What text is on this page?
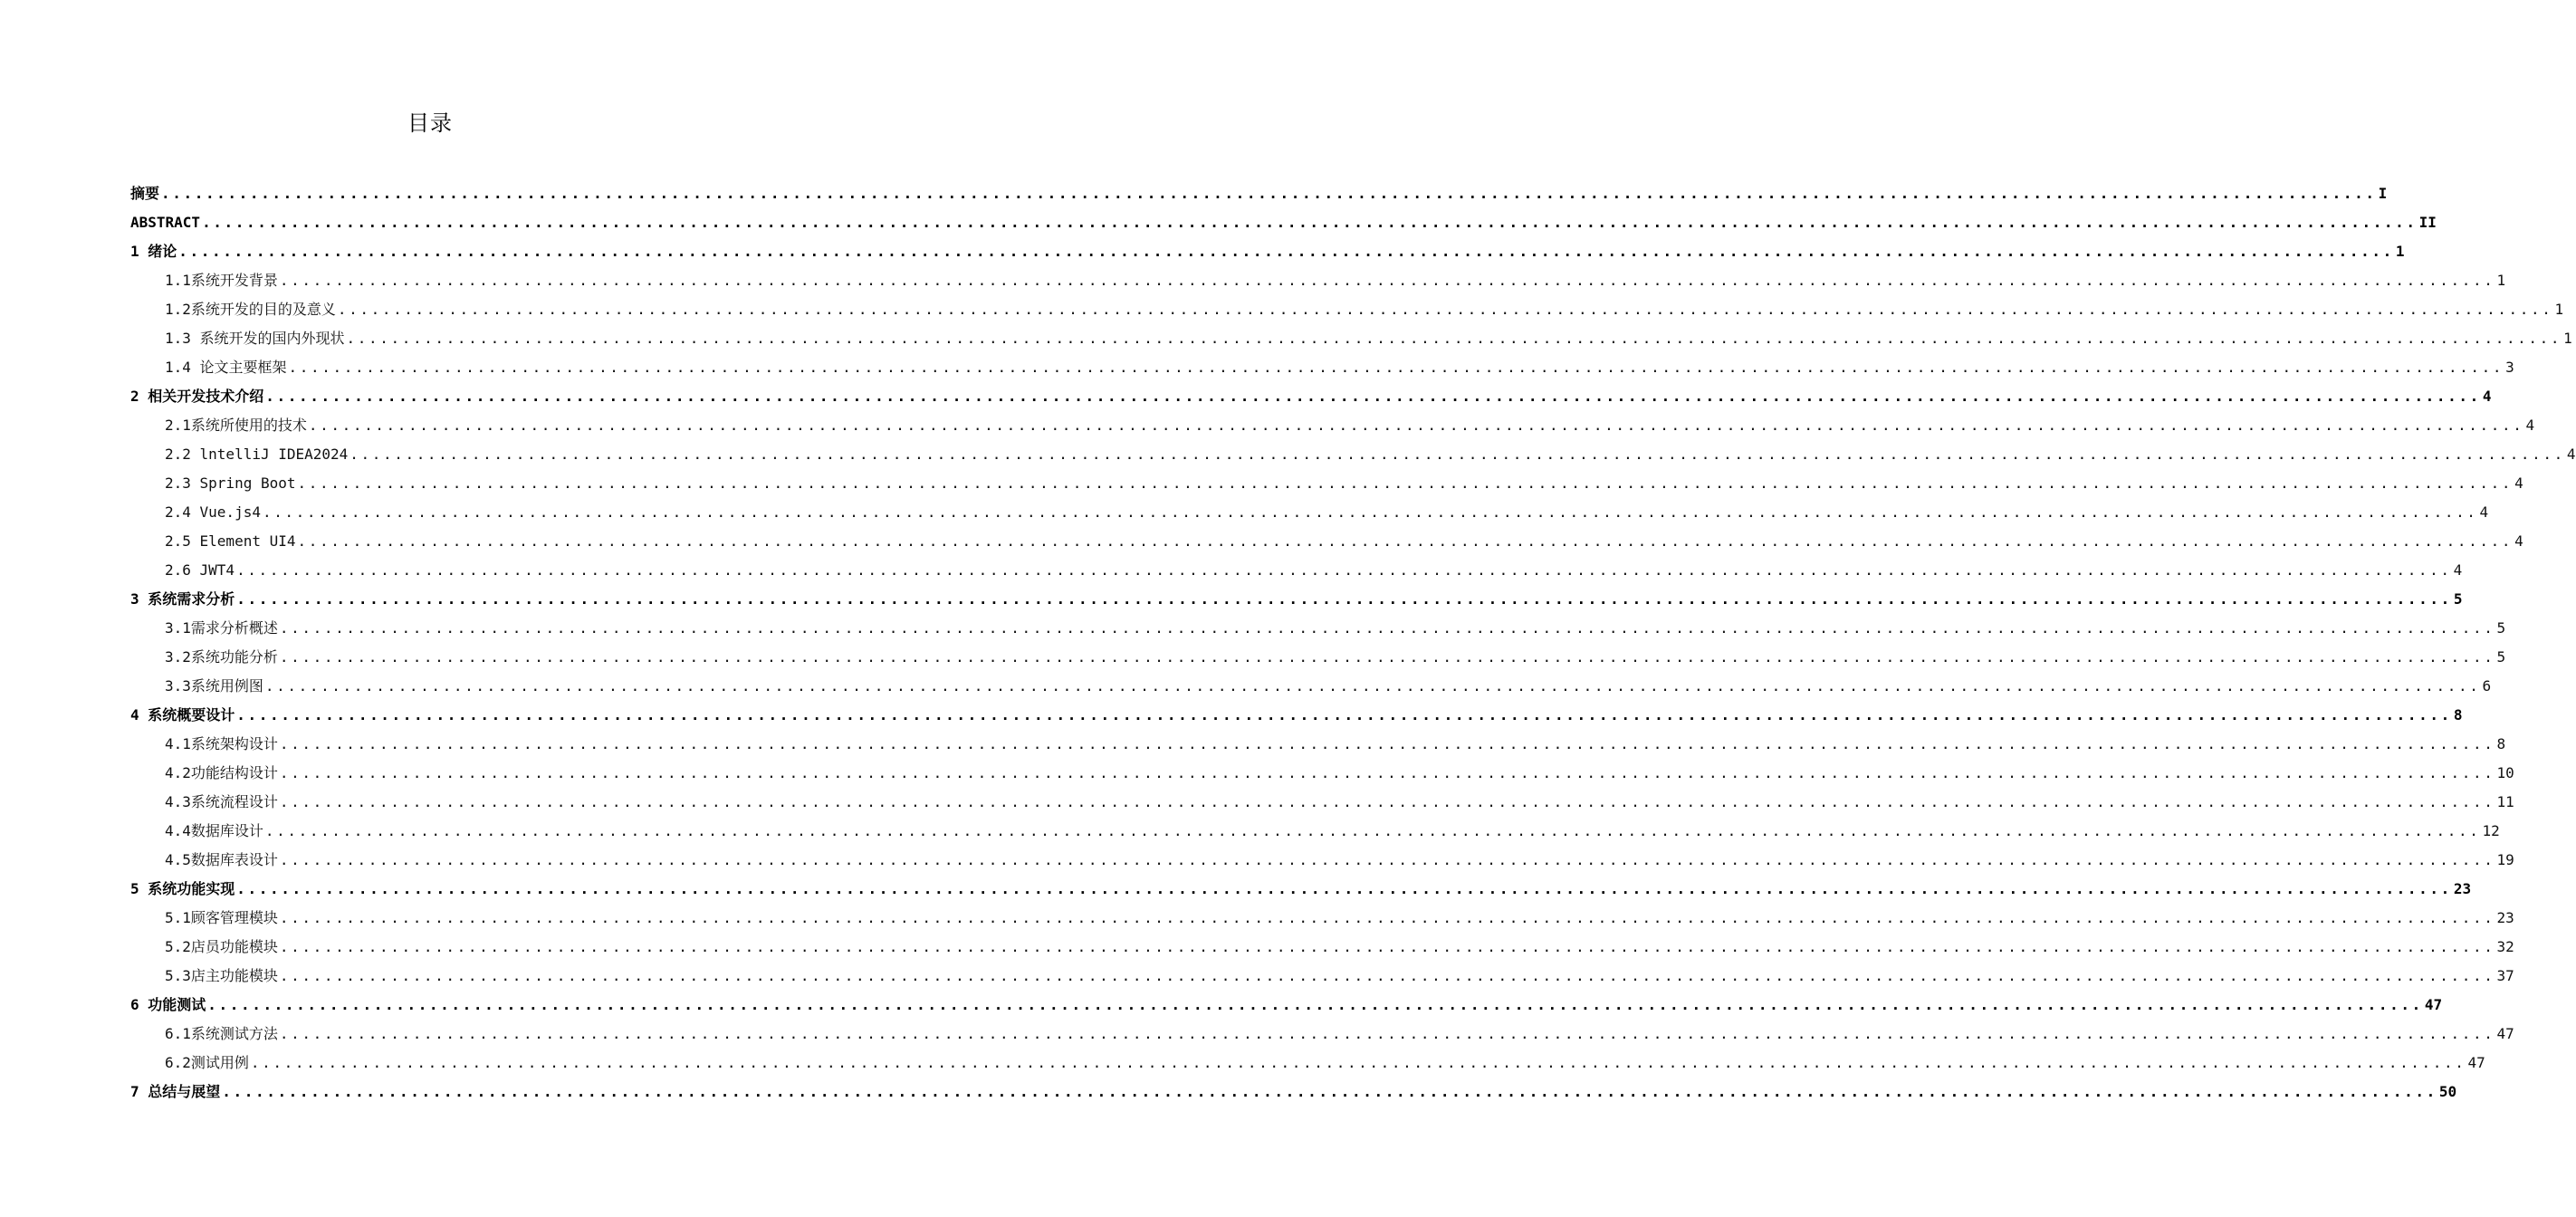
目录
摘要 ........................................................................................................................................................................................................ I
ABSTRACT ........................................................................................................................................................................................................ II
1 绪论 ........................................................................................................................................................................................................ 1
1.1系统开发背景 ........................................................................................................................................................................................................ 1
1.2系统开发的目的及意义 ........................................................................................................................................................................................................ 1
1.3 系统开发的国内外现状 ........................................................................................................................................................................................................ 1
1.4 论文主要框架 ........................................................................................................................................................................................................ 3
2 相关开发技术介绍 ........................................................................................................................................................................................................ 4
2.1系统所使用的技术 ........................................................................................................................................................................................................ 4
2.2 lntelliJ IDEA2024 ........................................................................................................................................................................................................ 4
2.3 Spring Boot ........................................................................................................................................................................................................ 4
2.4 Vue.js4 ........................................................................................................................................................................................................ 4
2.5 Element UI4 ........................................................................................................................................................................................................ 4
2.6 JWT4 ........................................................................................................................................................................................................ 4
3 系统需求分析 ........................................................................................................................................................................................................ 5
3.1需求分析概述 ........................................................................................................................................................................................................ 5
3.2系统功能分析 ........................................................................................................................................................................................................ 5
3.3系统用例图 ........................................................................................................................................................................................................ 6
4 系统概要设计 ........................................................................................................................................................................................................ 8
4.1系统架构设计 ........................................................................................................................................................................................................ 8
4.2功能结构设计 ........................................................................................................................................................................................................ 10
4.3系统流程设计 ........................................................................................................................................................................................................ 11
4.4数据库设计 ........................................................................................................................................................................................................ 12
4.5数据库表设计 ........................................................................................................................................................................................................ 19
5 系统功能实现 ........................................................................................................................................................................................................ 23
5.1顾客管理模块 ........................................................................................................................................................................................................ 23
5.2店员功能模块 ........................................................................................................................................................................................................ 32
5.3店主功能模块 ........................................................................................................................................................................................................ 37
6 功能测试 ........................................................................................................................................................................................................ 47
6.1系统测试方法 ........................................................................................................................................................................................................ 47
6.2测试用例 ........................................................................................................................................................................................................ 47
7 总结与展望 ........................................................................................................................................................................................................ 50
